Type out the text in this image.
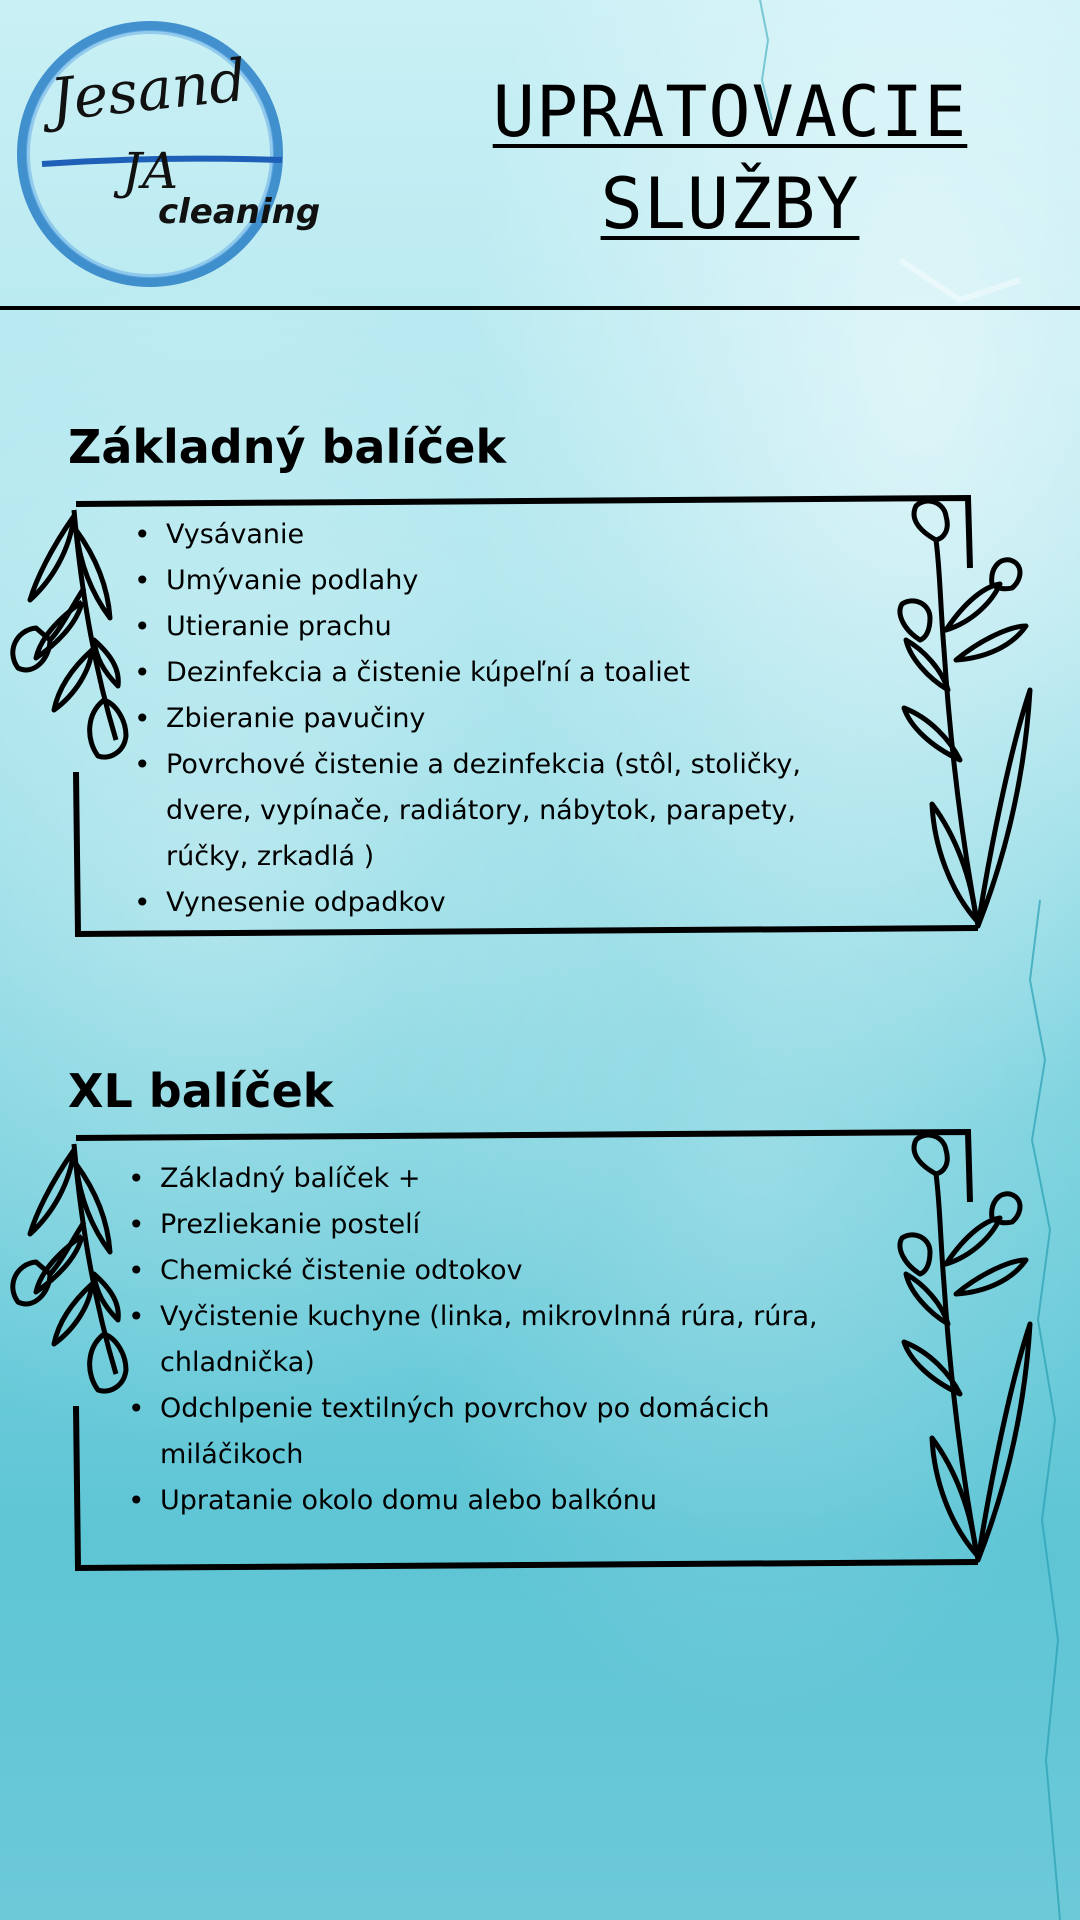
Jesand
JA
cleaning
UPRATOVACIE
SLUŽBY
Základný balíček
• Vysávanie
• Umývanie podlahy
• Utieranie prachu
• Dezinfekcia a čistenie kúpeľní a toaliet
• Zbieranie pavučiny
• Povrchové čistenie a dezinfekcia (stôl, stoličky, dvere, vypínače, radiátory, nábytok, parapety, rúčky, zrkadlá )
• Vynesenie odpadkov
XL balíček
• Základný balíček +
• Prezliekanie postelí
• Chemické čistenie odtokov
• Vyčistenie kuchyne (linka, mikrovlnná rúra, rúra, chladnička)
• Odchlpenie textilných povrchov po domácich miláčikoch
• Upratanie okolo domu alebo balkónu
